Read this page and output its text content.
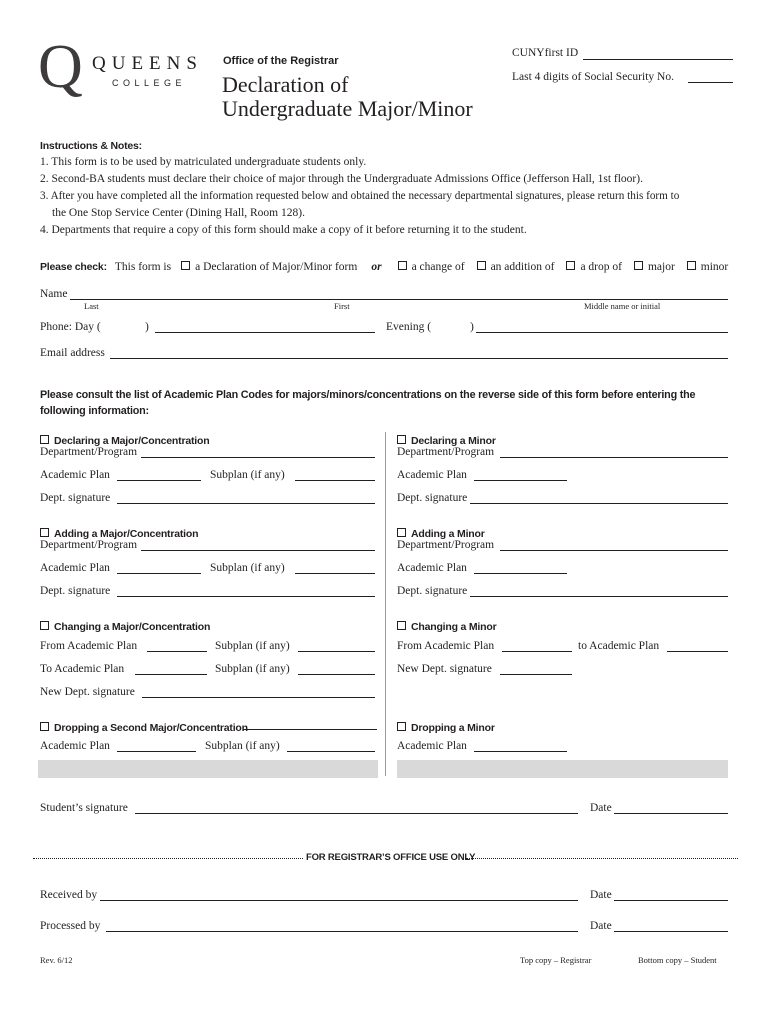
Q QUEENS
COLLEGE
Office of the Registrar
Declaration of
Undergraduate Major/Minor
CUNYfirst ID
Last 4 digits of Social Security No.
Instructions & Notes:
1. This form is to be used by matriculated undergraduate students only.
2. Second-BA students must declare their choice of major through the Undergraduate Admissions Office (Jefferson Hall, 1st floor).
3. After you have completed all the information requested below and obtained the necessary departmental signatures, please return this form to
the One Stop Service Center (Dining Hall, Room 128).
4. Departments that require a copy of this form should make a copy of it before returning it to the student.
Please check: This form is a Declaration of Major/Minor form or	a change of an addition of a drop of major minor
Name
Last	First	Middle name or initial
Phone: Day (	)	Evening (	)
Email address
Please consult the list of Academic Plan Codes for majors/minors/concentrations on the reverse side of this form before entering the
following information:
Declaring a Major/Concentration
Department/Program
Academic Plan	Subplan (if any)
Dept. signature
Adding a Major/Concentration
Department/Program
Academic Plan	Subplan (if any)
Dept. signature
Changing a Major/Concentration
From Academic Plan	Subplan (if any)
To Academic Plan	Subplan (if any)
New Dept. signature
Dropping a Second Major/Concentration
Academic Plan	Subplan (if any)
Declaring a Minor
Department/Program
Academic Plan
Dept. signature
Adding a Minor
Department/Program
Academic Plan
Dept. signature
Changing a Minor
From Academic Plan	to Academic Plan
New Dept. signature
Dropping a Minor
Academic Plan
Student’s signature	Date
FOR REGISTRAR’S OFFICE USE ONLY
Received by	Date
Processed by	Date
Rev. 6/12	Top copy – Registrar	Bottom copy – Student
